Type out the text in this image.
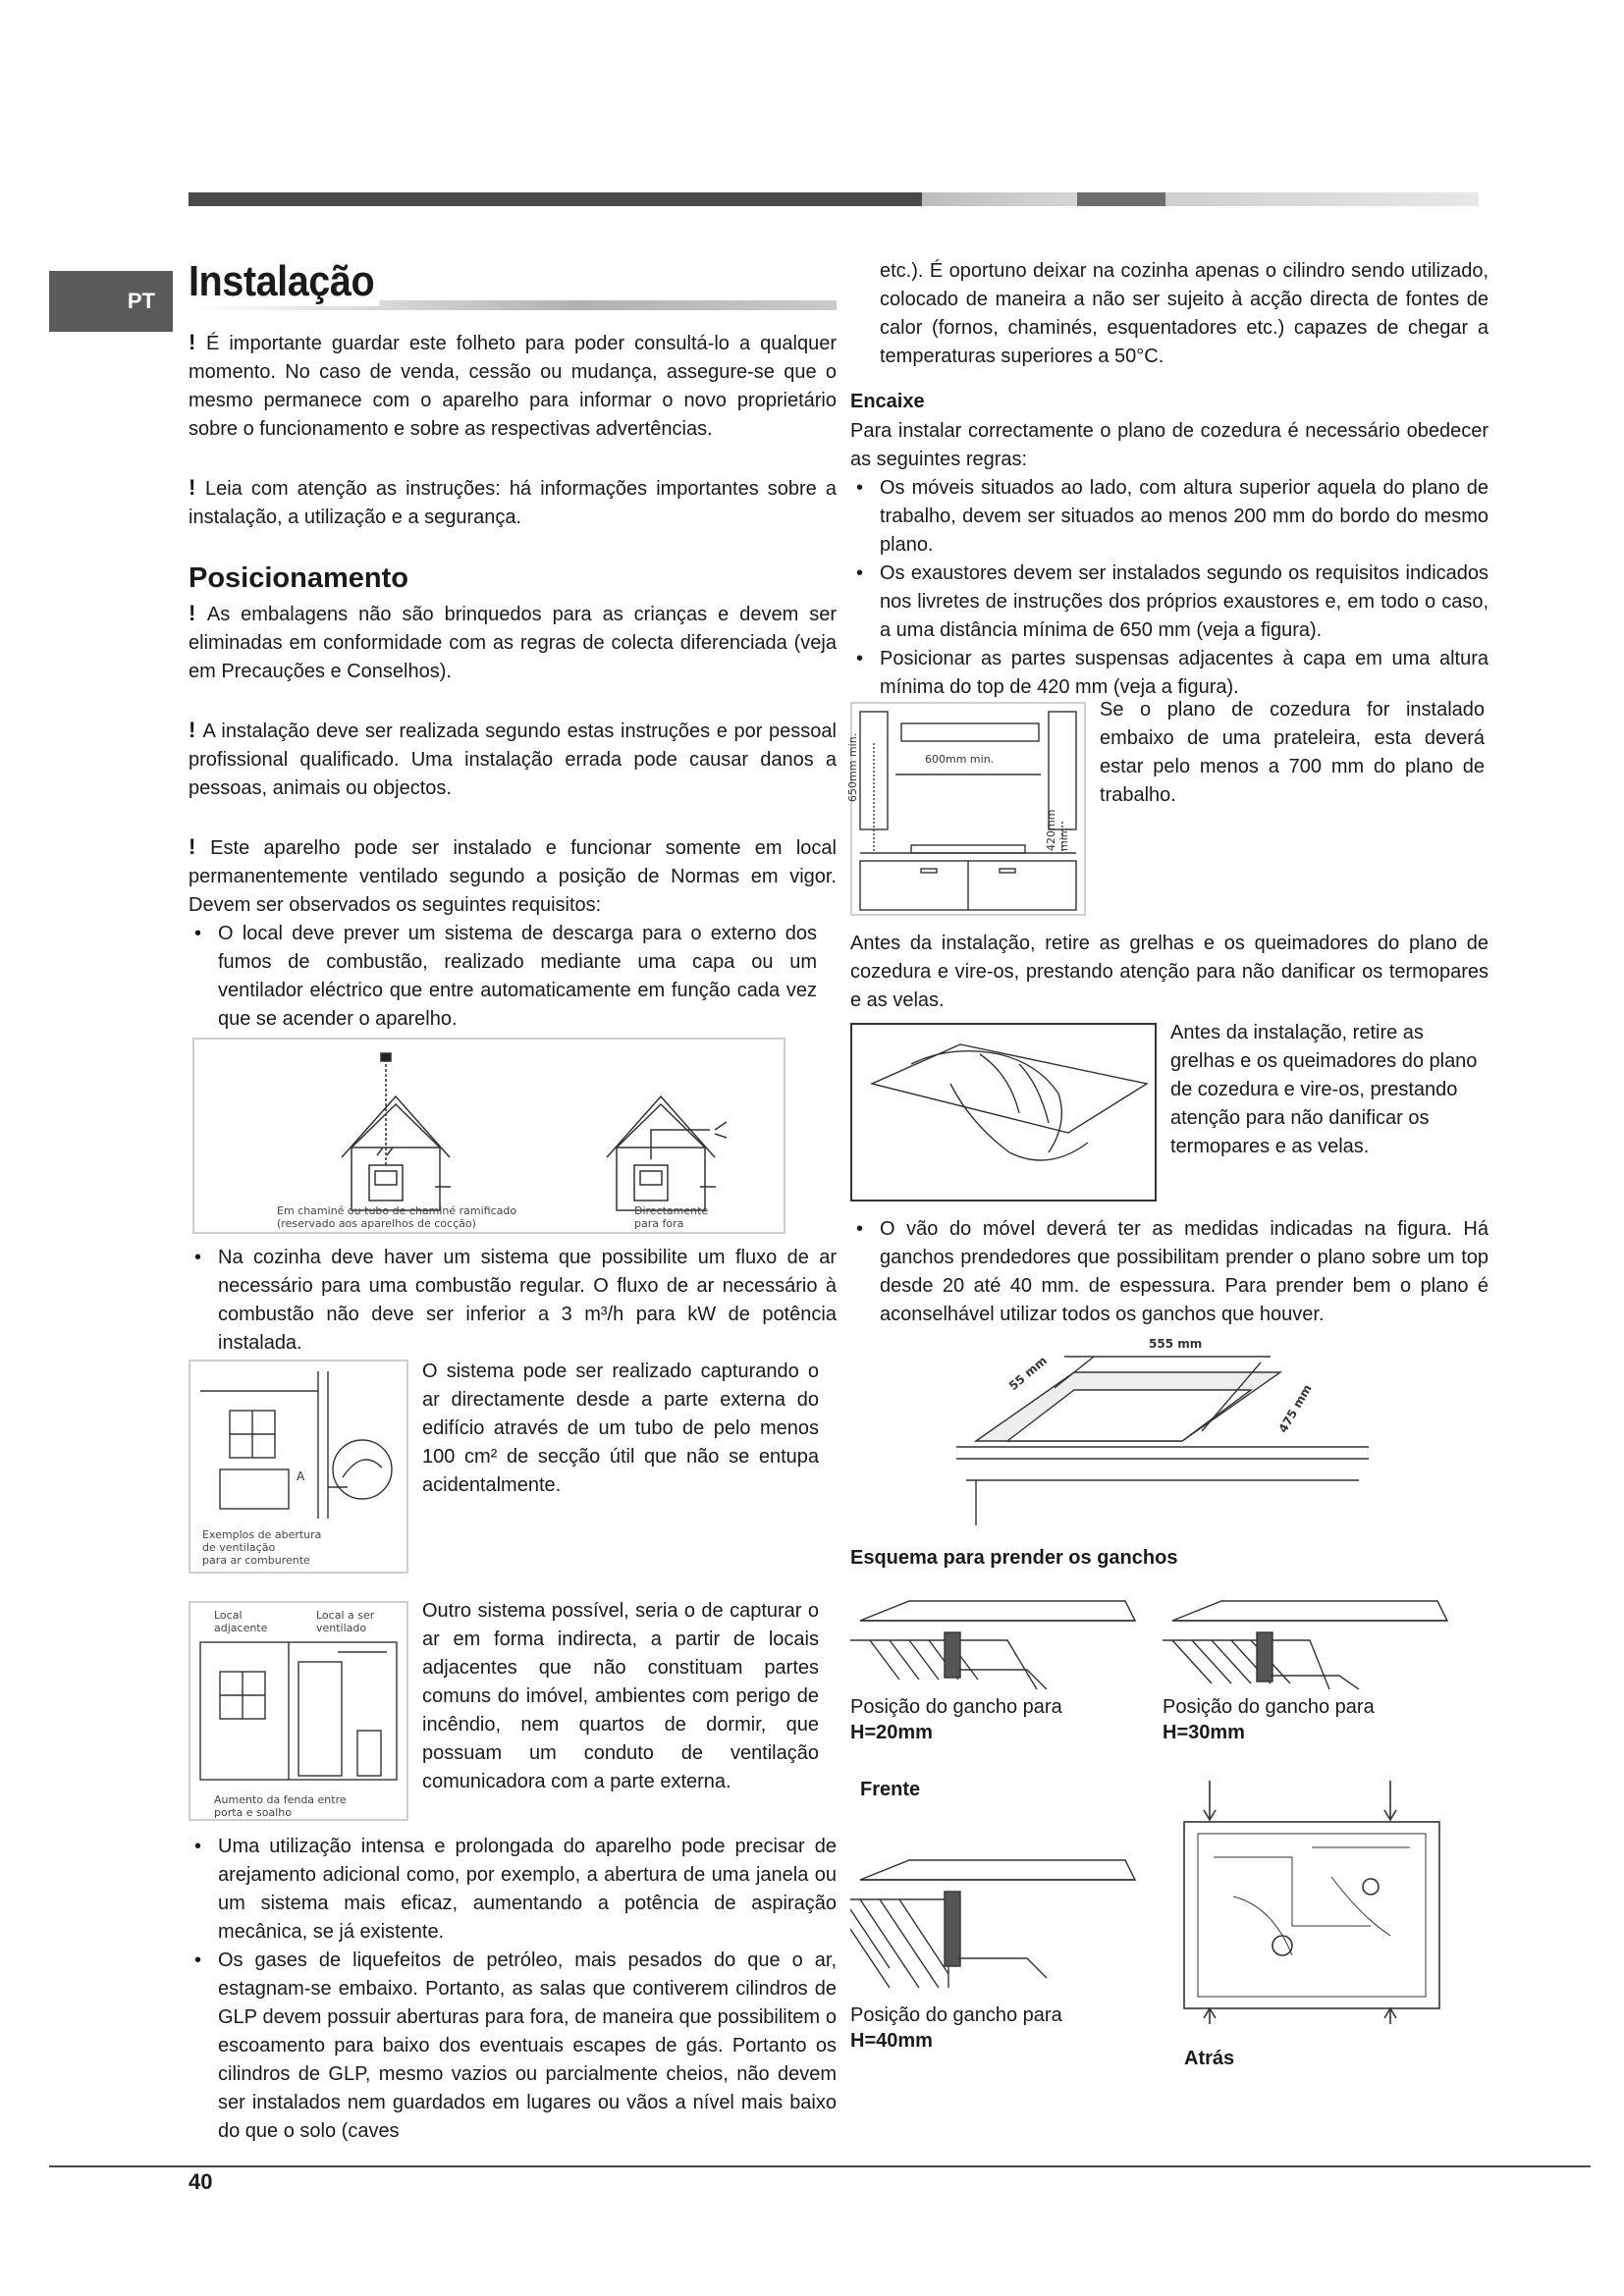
PT Instalação

! É importante guardar este folheto para poder consultá-lo a qualquer momento. No caso de venda, cessão ou mudança, assegure-se que o mesmo permanece com o aparelho para informar o novo proprietário sobre o funcionamento e sobre as respectivas advertências.

! Leia com atenção as instruções: há informações importantes sobre a instalação, a utilização e a segurança.

Posicionamento

! As embalagens não são brinquedos para as crianças e devem ser eliminadas em conformidade com as regras de colecta diferenciada (veja em Precauções e Conselhos).

! A instalação deve ser realizada segundo estas instruções e por pessoal profissional qualificado. Uma instalação errada pode causar danos a pessoas, animais ou objectos.

! Este aparelho pode ser instalado e funcionar somente em local permanentemente ventilado segundo a posição de Normas em vigor. Devem ser observados os seguintes requisitos:

• O local deve prever um sistema de descarga para o externo dos fumos de combustão, realizado mediante uma capa ou um ventilador eléctrico que entre automaticamente em função cada vez que se acender o aparelho.
Em chaminé ou tubo de chaminé ramificado
(reservado aos aparelhos de cocção)
Directamente
para fora
• Na cozinha deve haver um sistema que possibilite um fluxo de ar necessário para uma combustão regular. O fluxo de ar necessário à combustão não deve ser inferior a 3 m³/h para kW de potência instalada.
A
Exemplos de abertura
de ventilação
para ar comburente
O sistema pode ser realizado capturando o ar directamente desde a parte externa do edifício através de um tubo de pelo menos 100 cm² de secção útil que não se entupa acidentalmente.
Local
adjacente
Local a ser
ventilado
Aumento da fenda entre
porta e soalho
Outro sistema possível, seria o de capturar o ar em forma indirecta, a partir de locais adjacentes que não constituam partes comuns do imóvel, ambientes com perigo de incêndio, nem quartos de dormir, que possuam um conduto de ventilação comunicadora com a parte externa.
• Uma utilização intensa e prolongada do aparelho pode precisar de arejamento adicional como, por exemplo, a abertura de uma janela ou um sistema mais eficaz, aumentando a potência de aspiração mecânica, se já existente.
• Os gases de liquefeitos de petróleo, mais pesados do que o ar, estagnam-se embaixo. Portanto, as salas que contiverem cilindros de GLP devem possuir aberturas para fora, de maneira que possibilitem o escoamento para baixo dos eventuais escapes de gás. Portanto os cilindros de GLP, mesmo vazios ou parcialmente cheios, não devem ser instalados nem guardados em lugares ou vãos a nível mais baixo do que o solo (caves

etc.). É oportuno deixar na cozinha apenas o cilindro sendo utilizado, colocado de maneira a não ser sujeito à acção directa de fontes de calor (fornos, chaminés, esquentadores etc.) capazes de chegar a temperaturas superiores a 50°C.

Encaixe

Para instalar correctamente o plano de cozedura é necessário obedecer as seguintes regras:

• Os móveis situados ao lado, com altura superior aquela do plano de trabalho, devem ser situados ao menos 200 mm do bordo do mesmo plano.
• Os exaustores devem ser instalados segundo os requisitos indicados nos livretes de instruções dos próprios exaustores e, em todo o caso, a uma distância mínima de 650 mm (veja a figura).
• Posicionar as partes suspensas adjacentes à capa em uma altura mínima do top de 420 mm (veja a figura).
600mm min.
650mm min.
420mm min.
Se o plano de cozedura for instalado embaixo de uma prateleira, esta deverá estar pelo menos a 700 mm do plano de trabalho.

Antes da instalação, retire as grelhas e os queimadores do plano de cozedura e vire-os, prestando atenção para não danificar os termopares e as velas.

Antes da instalação, retire as grelhas e os queimadores do plano de cozedura e vire-os, prestando atenção para não danificar os termopares e as velas.
• O vão do móvel deverá ter as medidas indicadas na figura. Há ganchos prendedores que possibilitam prender o plano sobre um top desde 20 até 40 mm. de espessura. Para prender bem o plano é aconselhável utilizar todos os ganchos que houver.
555 mm
55 mm
475 mm
Esquema para prender os ganchos
Posição do gancho para H=20mm
Posição do gancho para H=30mm
Frente
Posição do gancho para H=40mm
Atrás
40
